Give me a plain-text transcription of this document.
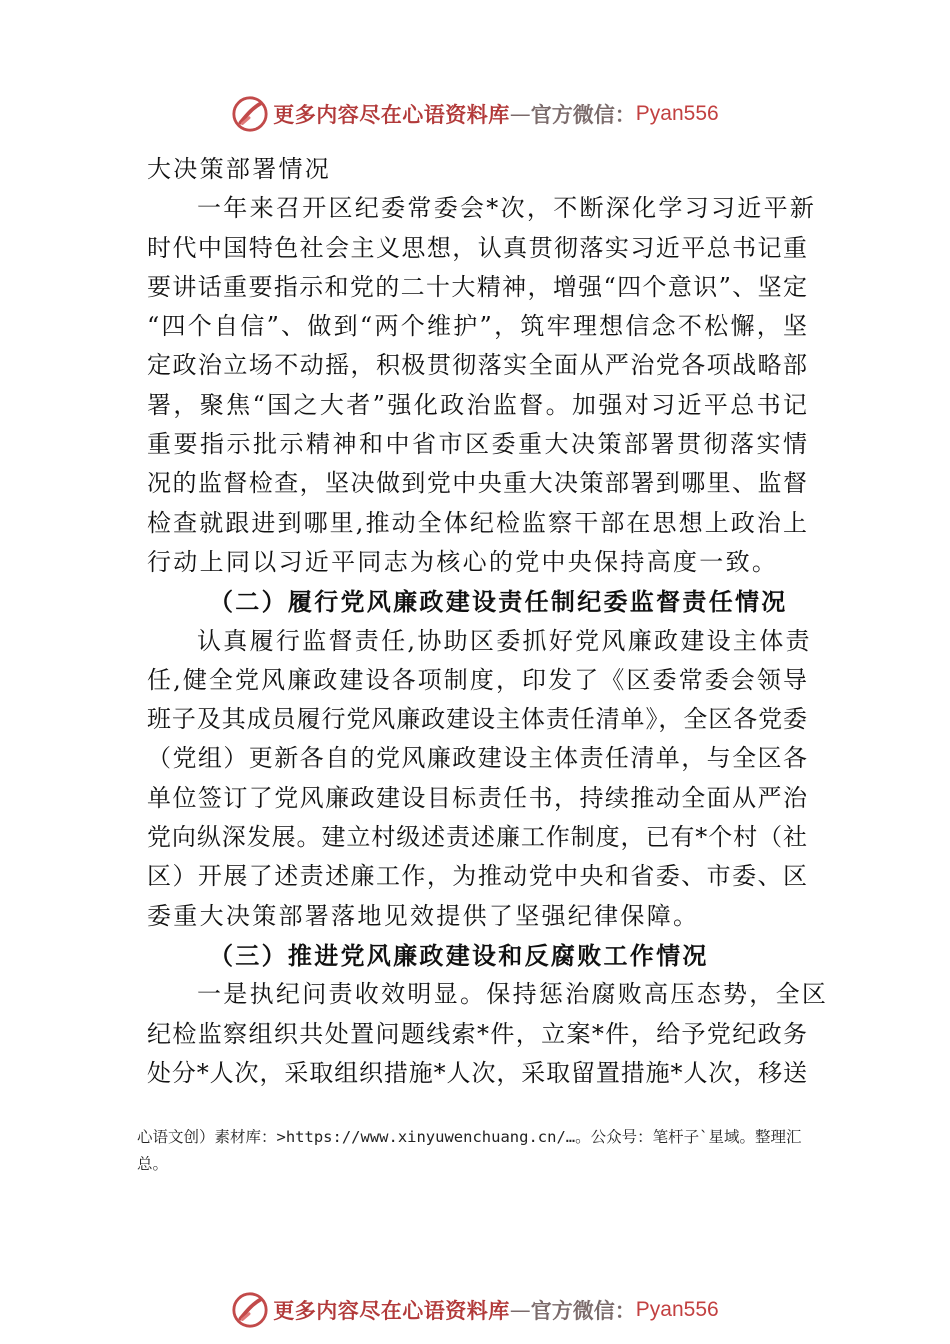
更多内容尽在心语资料库 — 官方微信： Pyan556
大决策部署情况
一年来召开区纪委常委会*次，不断深化学习习近平新
时代中国特色社会主义思想，认真贯彻落实习近平总书记重
要讲话重要指示和党的二十大精神，增强“四个意识”、坚定
“四个自信”、做到“两个维护”，筑牢理想信念不松懈，坚
定政治立场不动摇，积极贯彻落实全面从严治党各项战略部
署，聚焦“国之大者”强化政治监督。加强对习近平总书记
重要指示批示精神和中省市区委重大决策部署贯彻落实情
况的监督检查，坚决做到党中央重大决策部署到哪里、监督
检查就跟进到哪里,推动全体纪检监察干部在思想上政治上
行动上同以习近平同志为核心的党中央保持高度一致。
（二）履行党风廉政建设责任制纪委监督责任情况
认真履行监督责任,协助区委抓好党风廉政建设主体责
任,健全党风廉政建设各项制度，印发了《区委常委会领导
班子及其成员履行党风廉政建设主体责任清单》，全区各党委
（党组）更新各自的党风廉政建设主体责任清单，与全区各
单位签订了党风廉政建设目标责任书，持续推动全面从严治
党向纵深发展。建立村级述责述廉工作制度，已有*个村（社
区）开展了述责述廉工作，为推动党中央和省委、市委、区
委重大决策部署落地见效提供了坚强纪律保障。
（三）推进党风廉政建设和反腐败工作情况
一是执纪问责收效明显。保持惩治腐败高压态势，全区
纪检监察组织共处置问题线索*件，立案*件，给予党纪政务
处分*人次，采取组织措施*人次，采取留置措施*人次，移送
心语文创）素材库：>https://www.xinyuwenchuang.cn/…。公众号：笔杆子`星域。整理汇
总。
更多内容尽在心语资料库 — 官方微信： Pyan556
